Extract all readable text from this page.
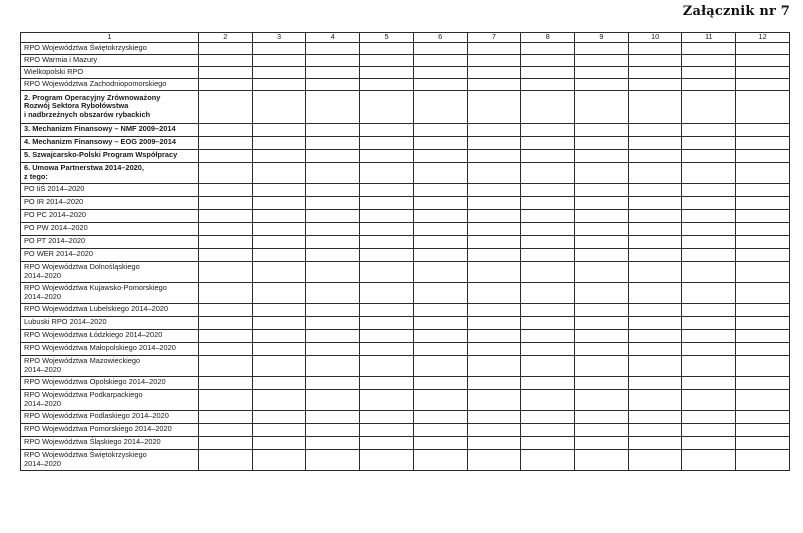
Załącznik nr 7
1	2	3	4	5	6	7	8	9	10	11	12
RPO Województwa Świętokrzyskiego											
RPO Warmia i Mazury											
Wielkopolski RPO											
RPO Województwa Zachodniopomorskiego											
2. Program Operacyjny Zrównoważony
Rozwój Sektora Rybołówstwa
i nadbrzeżnych obszarów rybackich											
3. Mechanizm Finansowy – NMF 2009–2014											
4. Mechanizm Finansowy – EOG 2009–2014											
5. Szwajcarsko-Polski Program Współpracy											
6. Umowa Partnerstwa 2014–2020,
z tego:											
PO IiŚ 2014–2020											
PO IR 2014–2020											
PO PC 2014–2020											
PO PW 2014–2020											
PO PT 2014–2020											
PO WER 2014–2020											
RPO Województwa Dolnośląskiego
2014–2020											
RPO Województwa Kujawsko-Pomorskiego
2014–2020											
RPO Województwa Lubelskiego 2014–2020											
Lubuski RPO 2014–2020											
RPO Województwa Łódzkiego 2014–2020											
RPO Województwa Małopolskiego 2014–2020											
RPO Województwa Mazowieckiego
2014–2020											
RPO Województwa Opolskiego 2014–2020											
RPO Województwa Podkarpackiego
2014–2020											
RPO Województwa Podlaskiego 2014–2020											
RPO Województwa Pomorskiego 2014–2020											
RPO Województwa Śląskiego 2014–2020											
RPO Województwa Świętokrzyskiego
2014–2020											
